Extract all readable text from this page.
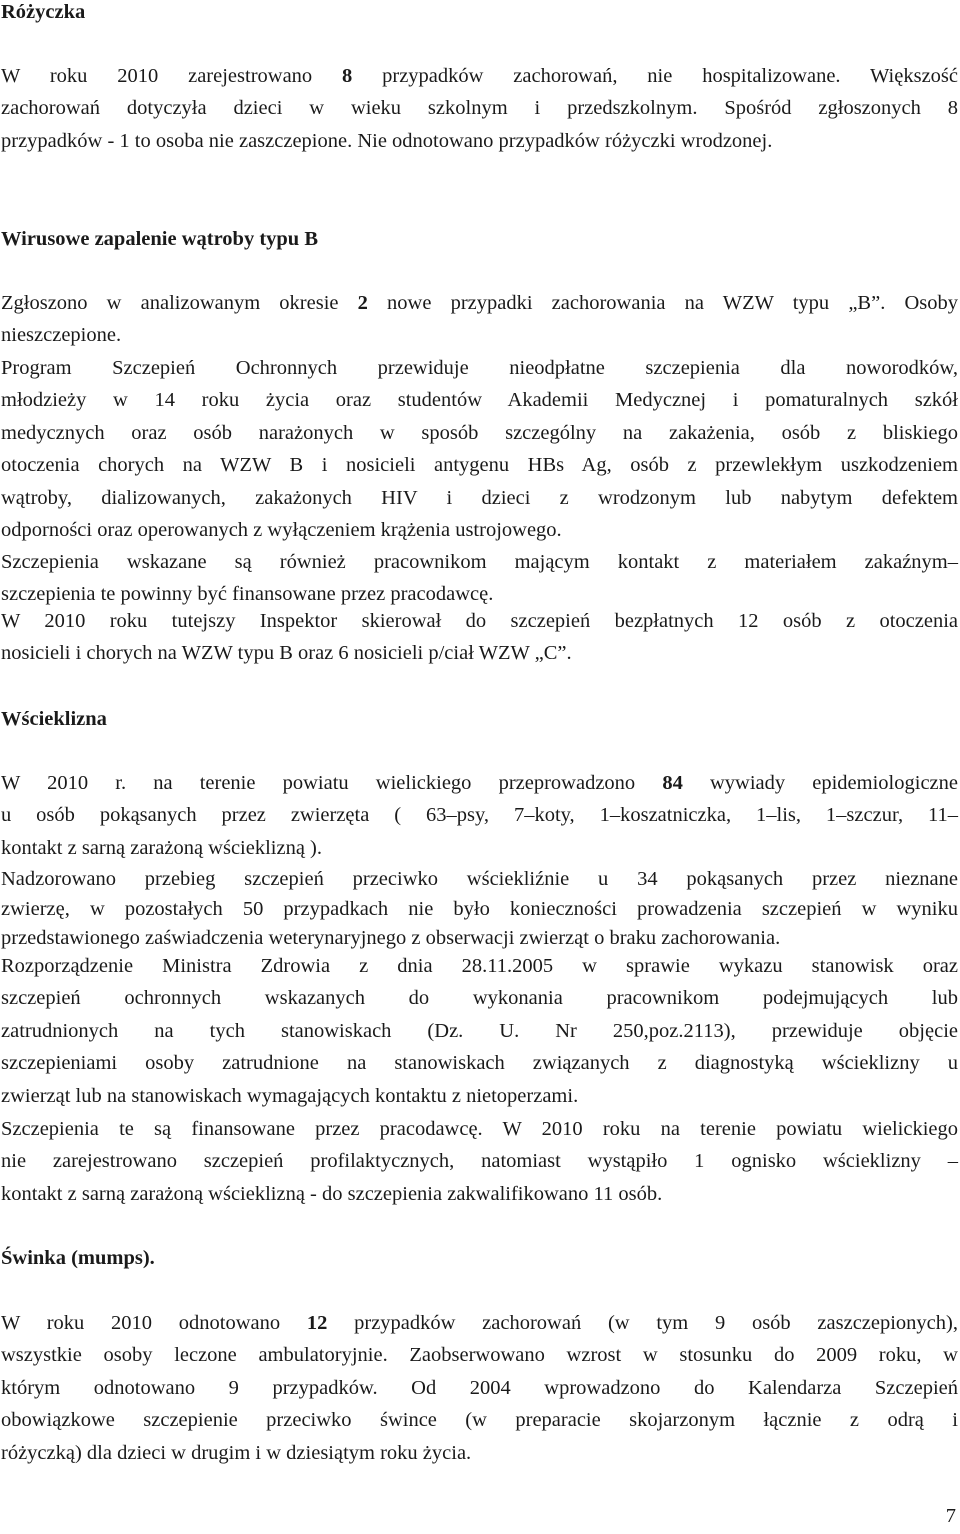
Różyczka
W roku 2010 zarejestrowano 8 przypadków zachorowań, nie hospitalizowane. Większość
zachorowań dotyczyła dzieci w wieku szkolnym i przedszkolnym. Spośród zgłoszonych 8
przypadków - 1 to osoba nie zaszczepione. Nie odnotowano przypadków różyczki wrodzonej.
Wirusowe zapalenie wątroby typu B
Zgłoszono w analizowanym okresie 2 nowe przypadki zachorowania na WZW typu „B”. Osoby
nieszczepione.
Program Szczepień Ochronnych przewiduje nieodpłatne szczepienia dla noworodków,
młodzieży w 14 roku życia oraz studentów Akademii Medycznej i pomaturalnych szkół
medycznych oraz osób narażonych w sposób szczególny na zakażenia, osób z bliskiego
otoczenia chorych na WZW B i nosicieli antygenu HBs Ag, osób z przewlekłym uszkodzeniem
wątroby, dializowanych, zakażonych HIV i dzieci z wrodzonym lub nabytym defektem
odporności oraz operowanych z wyłączeniem krążenia ustrojowego.
Szczepienia wskazane są również pracownikom mającym kontakt z materiałem zakaźnym–
szczepienia te powinny być finansowane przez pracodawcę.
W 2010 roku tutejszy Inspektor skierował do szczepień bezpłatnych 12 osób z otoczenia
nosicieli i chorych na WZW typu B oraz 6 nosicieli p/ciał WZW „C”.
Wścieklizna
W 2010 r. na terenie powiatu wielickiego przeprowadzono 84 wywiady epidemiologiczne
u osób pokąsanych przez zwierzęta ( 63–psy, 7–koty, 1–koszatniczka, 1–lis, 1–szczur, 11–
kontakt z sarną zarażoną wścieklizną ).
Nadzorowano przebieg szczepień przeciwko wściekliźnie u 34 pokąsanych przez nieznane
zwierzę, w pozostałych 50 przypadkach nie było konieczności prowadzenia szczepień w wyniku
przedstawionego zaświadczenia weterynaryjnego z obserwacji zwierząt o braku zachorowania.
Rozporządzenie Ministra Zdrowia z dnia 28.11.2005 w sprawie wykazu stanowisk oraz
szczepień ochronnych wskazanych do wykonania pracownikom podejmujących lub
zatrudnionych na tych stanowiskach (Dz. U. Nr 250,poz.2113), przewiduje objęcie
szczepieniami osoby zatrudnione na stanowiskach związanych z diagnostyką wścieklizny u
zwierząt lub na stanowiskach wymagających kontaktu z nietoperzami.
Szczepienia te są finansowane przez pracodawcę. W 2010 roku na terenie powiatu wielickiego
nie zarejestrowano szczepień profilaktycznych, natomiast wystąpiło 1 ognisko wścieklizny –
kontakt z sarną zarażoną wścieklizną - do szczepienia zakwalifikowano 11 osób.
Świnka (mumps).
W roku 2010 odnotowano 12 przypadków zachorowań (w tym 9 osób zaszczepionych),
wszystkie osoby leczone ambulatoryjnie. Zaobserwowano wzrost w stosunku do 2009 roku, w
którym odnotowano 9 przypadków. Od 2004 wprowadzono do Kalendarza Szczepień
obowiązkowe szczepienie przeciwko śwince (w preparacie skojarzonym łącznie z odrą i
różyczką) dla dzieci w drugim i w dziesiątym roku życia.
7
